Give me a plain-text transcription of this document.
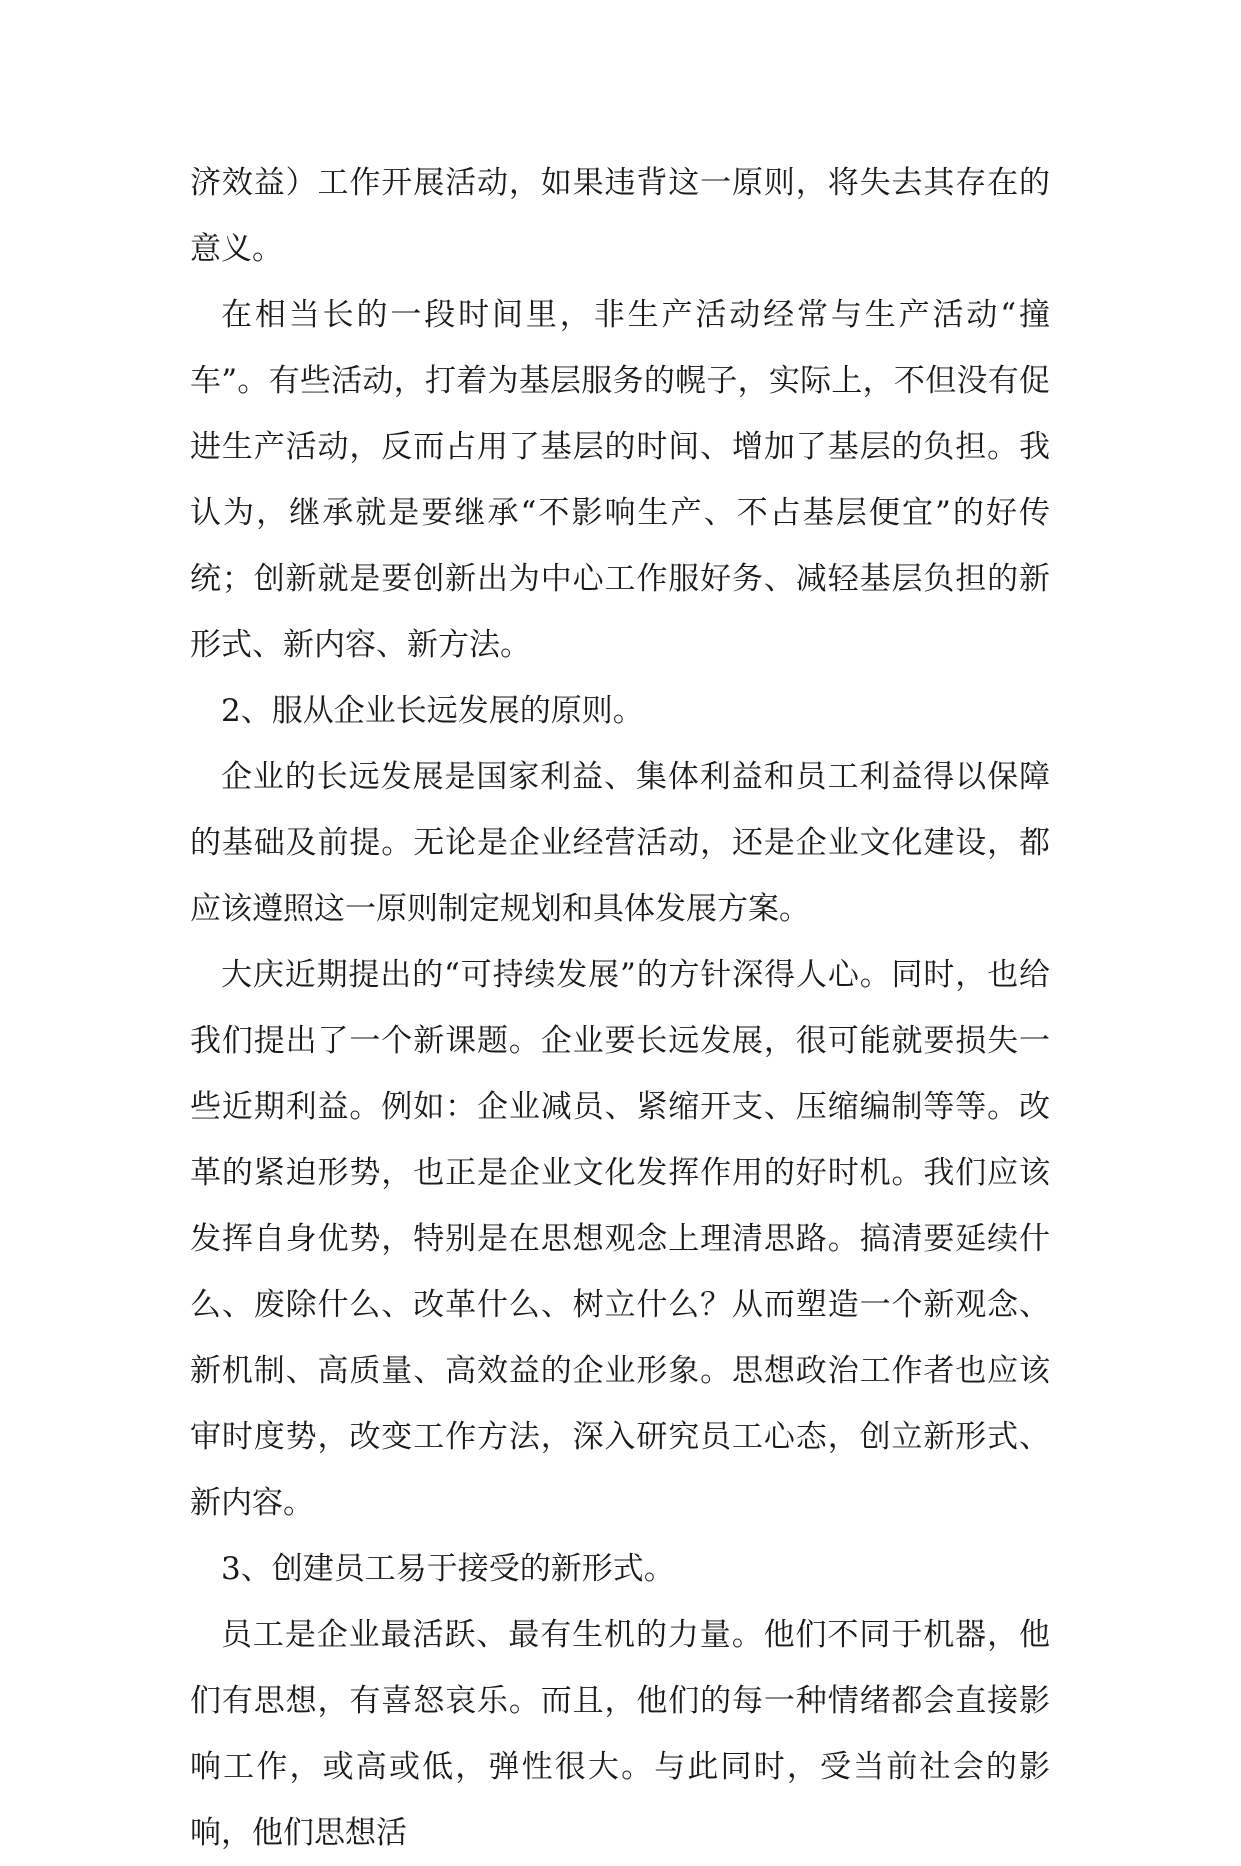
济效益）工作开展活动，如果违背这一原则，将失去其存在的意义。

在相当长的一段时间里，非生产活动经常与生产活动“撞车”。有些活动，打着为基层服务的幌子，实际上，不但没有促进生产活动，反而占用了基层的时间、增加了基层的负担。我认为，继承就是要继承“不影响生产、不占基层便宜”的好传统；创新就是要创新出为中心工作服好务、减轻基层负担的新形式、新内容、新方法。

2、服从企业长远发展的原则。

企业的长远发展是国家利益、集体利益和员工利益得以保障的基础及前提。无论是企业经营活动，还是企业文化建设，都应该遵照这一原则制定规划和具体发展方案。

大庆近期提出的“可持续发展”的方针深得人心。同时，也给我们提出了一个新课题。企业要长远发展，很可能就要损失一些近期利益。例如：企业减员、紧缩开支、压缩编制等等。改革的紧迫形势，也正是企业文化发挥作用的好时机。我们应该发挥自身优势，特别是在思想观念上理清思路。搞清要延续什么、废除什么、改革什么、树立什么？从而塑造一个新观念、新机制、高质量、高效益的企业形象。思想政治工作者也应该审时度势，改变工作方法，深入研究员工心态，创立新形式、新内容。

3、创建员工易于接受的新形式。

员工是企业最活跃、最有生机的力量。他们不同于机器，他们有思想，有喜怒哀乐。而且，他们的每一种情绪都会直接影响工作，或高或低，弹性很大。与此同时，受当前社会的影响，他们思想活
